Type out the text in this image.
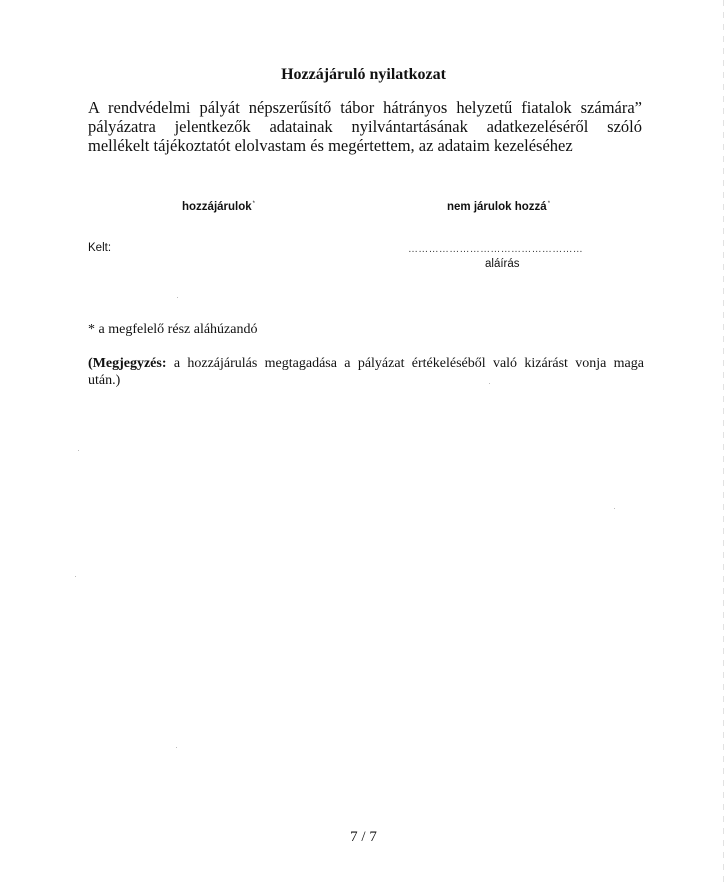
Hozzájáruló nyilatkozat
A rendvédelmi pályát népszerűsítő tábor hátrányos helyzetű fiatalok számára”
pályázatra jelentkezők adatainak nyilvántartásának adatkezeléséről szóló
mellékelt tájékoztatót elolvastam és megértettem, az adataim kezeléséhez
hozzájárulok*	nem járulok hozzá*
Kelt:	……………………………………………
aláírás
* a megfelelő rész aláhúzandó
(Megjegyzés: a hozzájárulás megtagadása a pályázat értékeléséből való kizárást vonja maga
után.)
7 / 7
